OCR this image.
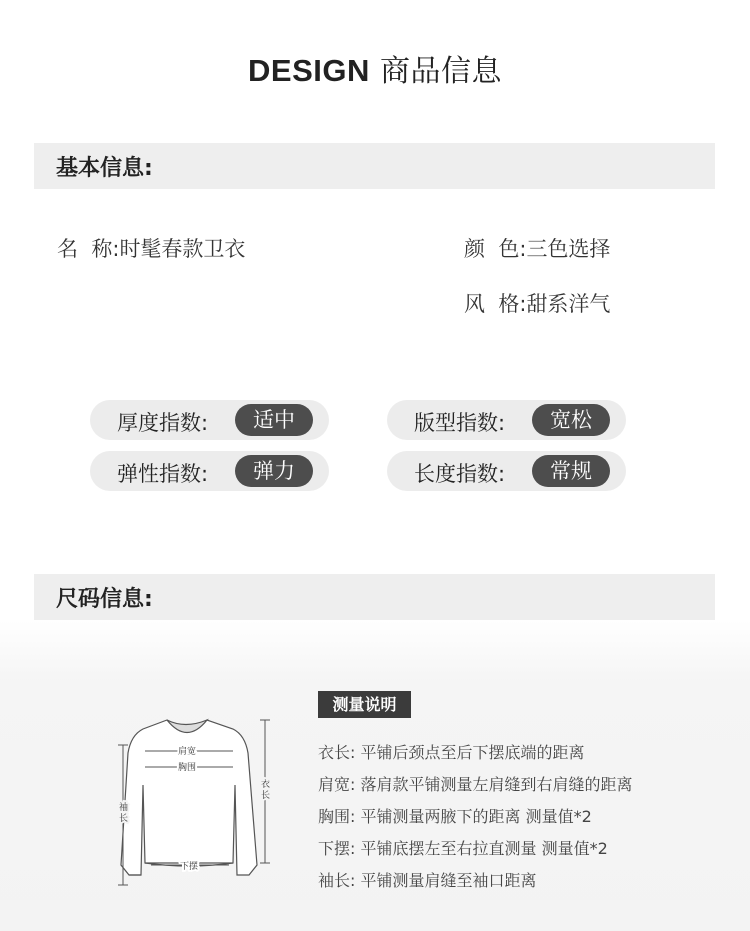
DESIGN 商品信息
基本信息:
名  称:时髦春款卫衣	颜  色:三色选择
风  格:甜系洋气
厚度指数:	适中	版型指数:	宽松
弹性指数:	弹力	长度指数:	常规
尺码信息:
肩宽
胸围
下摆
衣
长
袖
长
测量说明
衣长: 平铺后颈点至后下摆底端的距离
肩宽: 落肩款平铺测量左肩缝到右肩缝的距离
胸围: 平铺测量两腋下的距离 测量值*2
下摆: 平铺底摆左至右拉直测量 测量值*2
袖长: 平铺测量肩缝至袖口距离
